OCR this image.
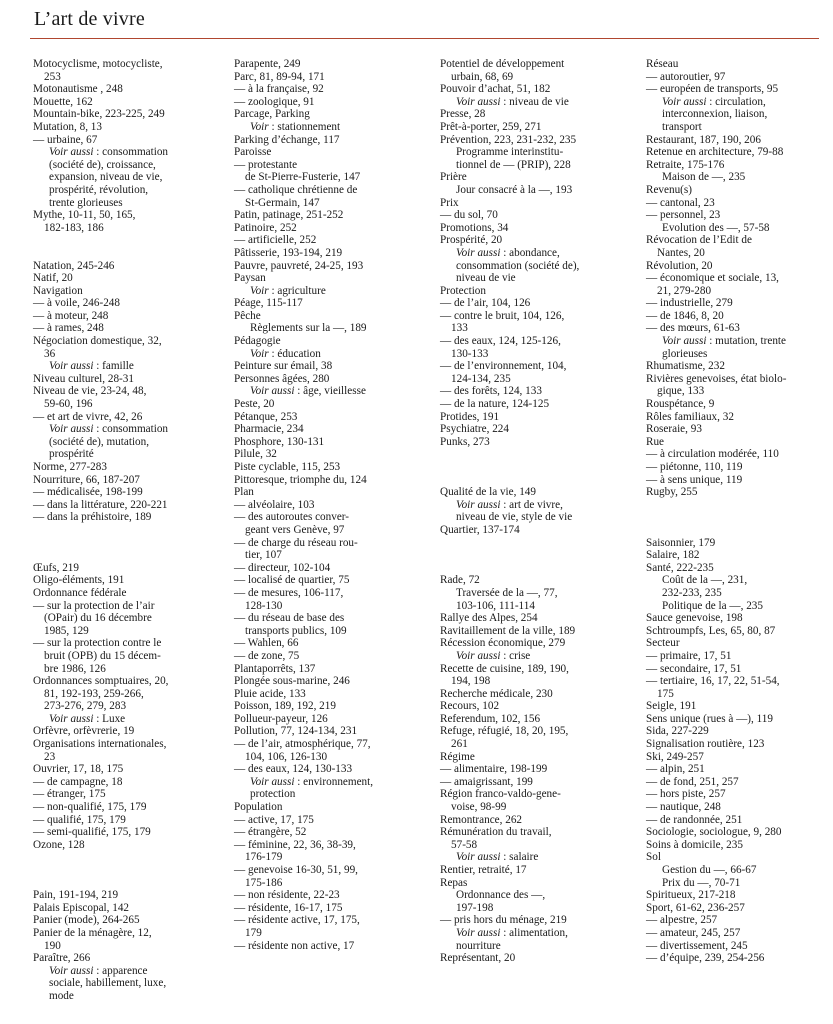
L’art de vivre
Motocyclisme, motocycliste,
253
Motonautisme , 248
Mouette, 162
Mountain-bike, 223-225, 249
Mutation, 8, 13
— urbaine, 67
Voir aussi : consommation
(société de), croissance,
expansion, niveau de vie,
prospérité, révolution,
trente glorieuses
Mythe, 10-11, 50, 165,
182-183, 186
Natation, 245-246
Natif, 20
Navigation
— à voile, 246-248
— à moteur, 248
— à rames, 248
Négociation domestique, 32,
36
Voir aussi : famille
Niveau culturel, 28-31
Niveau de vie, 23-24, 48,
59-60, 196
— et art de vivre, 42, 26
Voir aussi : consommation
(société de), mutation,
prospérité
Norme, 277-283
Nourriture, 66, 187-207
— médicalisée, 198-199
— dans la littérature, 220-221
— dans la préhistoire, 189
Œufs, 219
Oligo-éléments, 191
Ordonnance fédérale
— sur la protection de l’air
(OPair) du 16 décembre
1985, 129
— sur la protection contre le
bruit (OPB) du 15 décem-
bre 1986, 126
Ordonnances somptuaires, 20,
81, 192-193, 259-266,
273-276, 279, 283
Voir aussi : Luxe
Orfèvre, orfèvrerie, 19
Organisations internationales,
23
Ouvrier, 17, 18, 175
— de campagne, 18
— étranger, 175
— non-qualifié, 175, 179
— qualifié, 175, 179
— semi-qualifié, 175, 179
Ozone, 128
Pain, 191-194, 219
Palais Episcopal, 142
Panier (mode), 264-265
Panier de la ménagère, 12,
190
Paraître, 266
Voir aussi : apparence
sociale, habillement, luxe,
mode
Parapente, 249
Parc, 81, 89-94, 171
— à la française, 92
— zoologique, 91
Parcage, Parking
Voir : stationnement
Parking d’échange, 117
Paroisse
— protestante
de St-Pierre-Fusterie, 147
— catholique chrétienne de
St-Germain, 147
Patin, patinage, 251-252
Patinoire, 252
— artificielle, 252
Pâtisserie, 193-194, 219
Pauvre, pauvreté, 24-25, 193
Paysan
Voir : agriculture
Péage, 115-117
Pêche
Règlements sur la —, 189
Pédagogie
Voir : éducation
Peinture sur émail, 38
Personnes âgées, 280
Voir aussi : âge, vieillesse
Peste, 20
Pétanque, 253
Pharmacie, 234
Phosphore, 130-131
Pilule, 32
Piste cyclable, 115, 253
Pittoresque, triomphe du, 124
Plan
— alvéolaire, 103
— des autoroutes conver-
geant vers Genève, 97
— de charge du réseau rou-
tier, 107
— directeur, 102-104
— localisé de quartier, 75
— de mesures, 106-117,
128-130
— du réseau de base des
transports publics, 109
— Wahlen, 66
— de zone, 75
Plantaporrêts, 137
Plongée sous-marine, 246
Pluie acide, 133
Poisson, 189, 192, 219
Pollueur-payeur, 126
Pollution, 77, 124-134, 231
— de l’air, atmosphérique, 77,
104, 106, 126-130
— des eaux, 124, 130-133
Voir aussi : environnement,
protection
Population
— active, 17, 175
— étrangère, 52
— féminine, 22, 36, 38-39,
176-179
— genevoise 16-30, 51, 99,
175-186
— non résidente, 22-23
— résidente, 16-17, 175
— résidente active, 17, 175,
179
— résidente non active, 17
Potentiel de développement
urbain, 68, 69
Pouvoir d’achat, 51, 182
Voir aussi : niveau de vie
Presse, 28
Prêt-à-porter, 259, 271
Prévention, 223, 231-232, 235
Programme interinstitu-
tionnel de — (PRIP), 228
Prière
Jour consacré à la —, 193
Prix
— du sol, 70
Promotions, 34
Prospérité, 20
Voir aussi : abondance,
consommation (société de),
niveau de vie
Protection
— de l’air, 104, 126
— contre le bruit, 104, 126,
133
— des eaux, 124, 125-126,
130-133
— de l’environnement, 104,
124-134, 235
— des forêts, 124, 133
— de la nature, 124-125
Protides, 191
Psychiatre, 224
Punks, 273
Qualité de la vie, 149
Voir aussi : art de vivre,
niveau de vie, style de vie
Quartier, 137-174
Rade, 72
Traversée de la —, 77,
103-106, 111-114
Rallye des Alpes, 254
Ravitaillement de la ville, 189
Récession économique, 279
Voir aussi : crise
Recette de cuisine, 189, 190,
194, 198
Recherche médicale, 230
Recours, 102
Referendum, 102, 156
Refuge, réfugié, 18, 20, 195,
261
Régime
— alimentaire, 198-199
— amaigrissant, 199
Région franco-valdo-gene-
voise, 98-99
Remontrance, 262
Rémunération du travail,
57-58
Voir aussi : salaire
Rentier, retraité, 17
Repas
Ordonnance des —,
197-198
— pris hors du ménage, 219
Voir aussi : alimentation,
nourriture
Représentant, 20
Réseau
— autoroutier, 97
— européen de transports, 95
Voir aussi : circulation,
interconnexion, liaison,
transport
Restaurant, 187, 190, 206
Retenue en architecture, 79-88
Retraite, 175-176
Maison de —, 235
Revenu(s)
— cantonal, 23
— personnel, 23
Evolution des —, 57-58
Révocation de l’Edit de
Nantes, 20
Révolution, 20
— économique et sociale, 13,
21, 279-280
— industrielle, 279
— de 1846, 8, 20
— des mœurs, 61-63
Voir aussi : mutation, trente
glorieuses
Rhumatisme, 232
Rivières genevoises, état biolo-
gique, 133
Rouspétance, 9
Rôles familiaux, 32
Roseraie, 93
Rue
— à circulation modérée, 110
— piétonne, 110, 119
— à sens unique, 119
Rugby, 255
Saisonnier, 179
Salaire, 182
Santé, 222-235
Coût de la —, 231,
232-233, 235
Politique de la —, 235
Sauce genevoise, 198
Schtroumpfs, Les, 65, 80, 87
Secteur
— primaire, 17, 51
— secondaire, 17, 51
— tertiaire, 16, 17, 22, 51-54,
175
Seigle, 191
Sens unique (rues à —), 119
Sida, 227-229
Signalisation routière, 123
Ski, 249-257
— alpin, 251
— de fond, 251, 257
— hors piste, 257
— nautique, 248
— de randonnée, 251
Sociologie, sociologue, 9, 280
Soins à domicile, 235
Sol
Gestion du —, 66-67
Prix du —, 70-71
Spiritueux, 217-218
Sport, 61-62, 236-257
— alpestre, 257
— amateur, 245, 257
— divertissement, 245
— d’équipe, 239, 254-256
